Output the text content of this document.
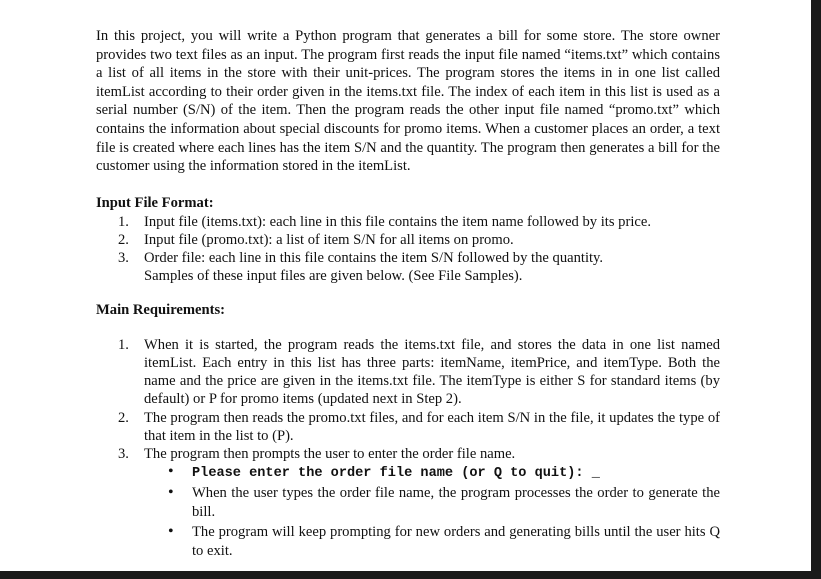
In this project, you will write a Python program that generates a bill for some store. The store owner provides two text files as an input. The program first reads the input file named “items.txt” which contains a list of all items in the store with their unit-prices. The program stores the items in in one list called itemList according to their order given in the items.txt file. The index of each item in this list is used as a serial number (S/N) of the item. Then the program reads the other input file named “promo.txt” which contains the information about special discounts for promo items. When a customer places an order, a text file is created where each lines has the item S/N and the quantity. The program then generates a bill for the customer using the information stored in the itemList.

Input File Format:

1. Input file (items.txt): each line in this file contains the item name followed by its price.

2. Input file (promo.txt): a list of item S/N for all items on promo.

3. Order file: each line in this file contains the item S/N followed by the quantity.

Samples of these input files are given below. (See File Samples).

Main Requirements:

1. When it is started, the program reads the items.txt file, and stores the data in one list named itemList. Each entry in this list has three parts: itemName, itemPrice, and itemType. Both the name and the price are given in the items.txt file. The itemType is either S for standard items (by default) or P for promo items (updated next in Step 2).

2. The program then reads the promo.txt files, and for each item S/N in the file, it updates the type of that item in the list to (P).

3. The program then prompts the user to enter the order file name.

• Please enter the order file name (or Q to quit): _
• When the user types the order file name, the program processes the order to generate the bill.

• The program will keep prompting for new orders and generating bills until the user hits Q to exit.
